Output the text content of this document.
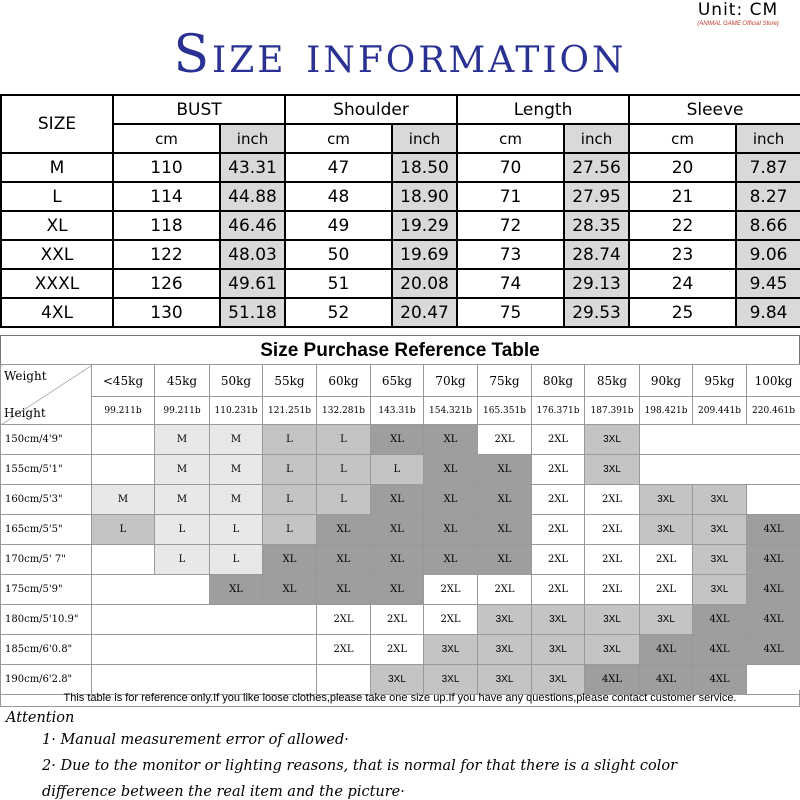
Unit: CM
(ANIMAL GAME Official Store)
Size information
SIZE	BUST		Shoulder		Length		Sleeve	
	cm	inch	cm	inch	cm	inch	cm	inch
M	110	43.31	47	18.50	70	27.56	20	7.87
L	114	44.88	48	18.90	71	27.95	21	8.27
XL	118	46.46	49	19.29	72	28.35	22	8.66
XXL	122	48.03	50	19.69	73	28.74	23	9.06
XXXL	126	49.61	51	20.08	74	29.13	24	9.45
4XL	130	51.18	52	20.47	75	29.53	25	9.84
Size Purchase Reference Table
Weight
Height	<45kg	45kg	50kg	55kg	60kg	65kg	70kg	75kg	80kg	85kg	90kg	95kg	100kg
	99.211b	99.211b	110.231b	121.251b	132.281b	143.31b	154.321b	165.351b	176.371b	187.391b	198.421b	209.441b	220.461b
150cm/4'9"		M	M	L	L	XL	XL	2XL	2XL	3XL			
155cm/5'1"		M	M	L	L	L	XL	XL	2XL	3XL			
160cm/5'3"	M	M	M	L	L	XL	XL	XL	2XL	2XL	3XL	3XL	
165cm/5'5"	L	L	L	L	XL	XL	XL	XL	2XL	2XL	3XL	3XL	4XL
170cm/5' 7"		L	L	XL	XL	XL	XL	XL	2XL	2XL	2XL	3XL	4XL
175cm/5'9"			XL	XL	XL	XL	2XL	2XL	2XL	2XL	2XL	3XL	4XL
180cm/5'10.9"					2XL	2XL	2XL	3XL	3XL	3XL	3XL	4XL	4XL
185cm/6'0.8"					2XL	2XL	3XL	3XL	3XL	3XL	4XL	4XL	4XL
190cm/6'2.8"						3XL	3XL	3XL	3XL	4XL	4XL	4XL	
This table is for reference only.If you like loose clothes,please take one size up.If you have any questions,please contact customer service.
Attention
1· Manual measurement error of allowed·
2· Due to the monitor or lighting reasons, that is normal for that there is a slight color
difference between the real item and the picture·
